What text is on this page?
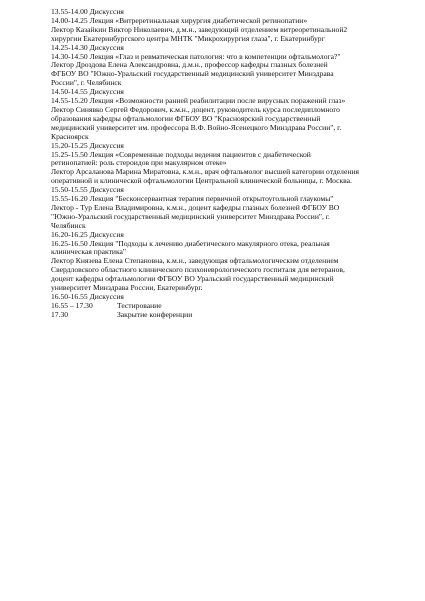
13.55-14.00 Дискуссия
14.00-14.25 Лекция «Витреретинальная хирургия диабетической ретинопатии»
Лектор Казайкин Виктор Николаевич, д.м.н., заведующий отделением витреоретинальной2
хирургии Екатеринбургского центра МНТК "Микрохирургия глаза", г. Екатеринбург
14.25-14.30 Дискуссия
14.30-14.50 Лекция «Глаз и ревматическая патология: что в компетенции офтальмолога?"
Лектор Дроздова Елена Александровна, д.м.н., профессор кафедры глазных болезней
ФГБОУ ВО "Южно-Уральский государственный медицинский университет Минздрава
России", г. Челябинск
14.50-14.55 Дискуссия
14.55-15.20 Лекция «Возможности ранней реабилитации после вирусных поражений глаз»
Лектор Синявко Сергей Федорович, к.м.н., доцент, руководитель курса последипломного
образования кафедры офтальмологии ФГБОУ ВО "Красноярский государственный
медицинский университет им. профессора В.Ф. Войно-Ясенецкого Минздрава России", г.
Красноярск
15.20-15.25 Дискуссия
15.25-15.50 Лекция «Современные подходы ведения пациентов с диабетической
ретинопатией: роль стероидов при макулярном отеке»
Лектор Арсаланова Марина Миратовна, к.м.н., врач офтальмолог высшей категории отделения
оперативной и клинической офтальмологии Центральной клинической больницы, г. Москва.
15.50-15.55 Дискуссия
15.55-16.20 Лекция "Бесконсервантная терапия первичной открытоугольной глаукомы"
Лектор - Тур Елена Владимировна, к.м.н., доцент кафедры глазных болезней ФГБОУ ВО
"Южно-Уральский государственный медицинский университет Минздрава России", г.
Челябинск
16.20-16.25 Дискуссия
16.25-16.50 Лекция "Подходы к лечению диабетического макулярного отека, реальная
клиническая практика"
Лектор Князева Елена Степановна, к.м.н., заведующая офтальмологическим отделением
Свердловского областного клинического психоневрологического госпиталя для ветеранов,
доцент кафедры офтальмологии ФГБОУ ВО Уральский государственный медицинский
университет Минздрава России, Екатеринбург.
16.50-16.55 Дискуссия
16.55 – 17.30	Тестирование
17.30	Закрытие конференции
